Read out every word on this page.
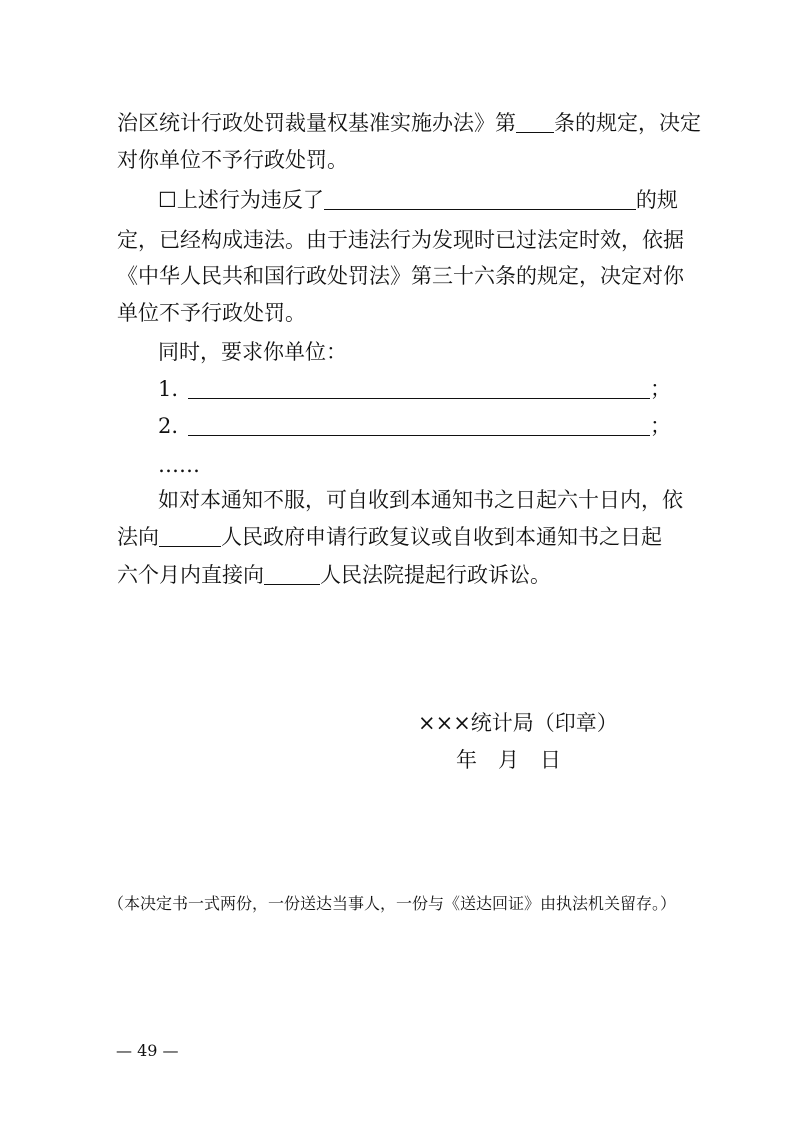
治区统计行政处罚裁量权基准实施办法》第 条的规定，决定
对你单位不予行政处罚。
☐上述行为违反了	的规
定，已经构成违法。由于违法行为发现时已过法定时效，依据
《中华人民共和国行政处罚法》第三十六条的规定，决定对你
单位不予行政处罚。
同时，要求你单位：
1.	；
2.	；
……
如对本通知不服，可自收到本通知书之日起六十日内，依
法向	人民政府申请行政复议或自收到本通知书之日起
六个月内直接向	人民法院提起行政诉讼。
×××统计局（印章）
年　月　日
（本决定书一式两份，一份送达当事人，一份与《送达回证》由执法机关留存。）
— 49 —
